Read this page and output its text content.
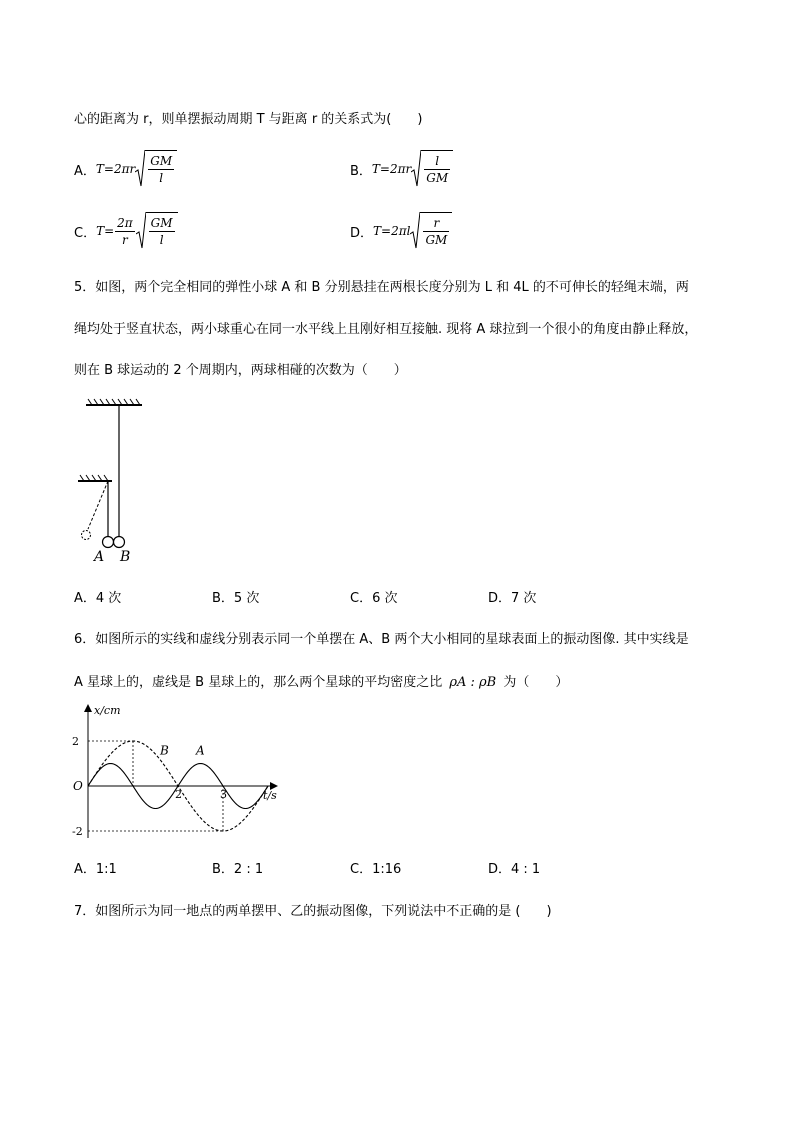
心的距离为 r，则单摆振动周期 T 与距离 r 的关系式为(　　)
A． $T=2\pi r \frac{GM}{l}$	B． $T=2\pi r \frac{l}{GM}$
C． $T= \frac{2\pi}{r} \frac{GM}{l}$	D． $T=2\pi l \frac{r}{GM}$
5．如图，两个完全相同的弹性小球 A 和 B 分别悬挂在两根长度分别为 L 和 4L 的不可伸长的轻绳末端，两
绳均处于竖直状态，两小球重心在同一水平线上且刚好相互接触. 现将 A 球拉到一个很小的角度由静止释放，
则在 B 球运动的 2 个周期内，两球相碰的次数为（　　）
A B
A．4 次	B．5 次	C．6 次	D．7 次
6．如图所示的实线和虚线分别表示同一个单摆在 A、B 两个大小相同的星球表面上的振动图像. 其中实线是
A 星球上的，虚线是 B 星球上的，那么两个星球的平均密度之比 ρA : ρB 为（　　）
x/cm
t/s
O
B A
2	3
2
-2
A．1:1	B．2 : 1	C．1:16	D．4 : 1
7．如图所示为同一地点的两单摆甲、乙的振动图像，下列说法中不正确的是 (　　)
